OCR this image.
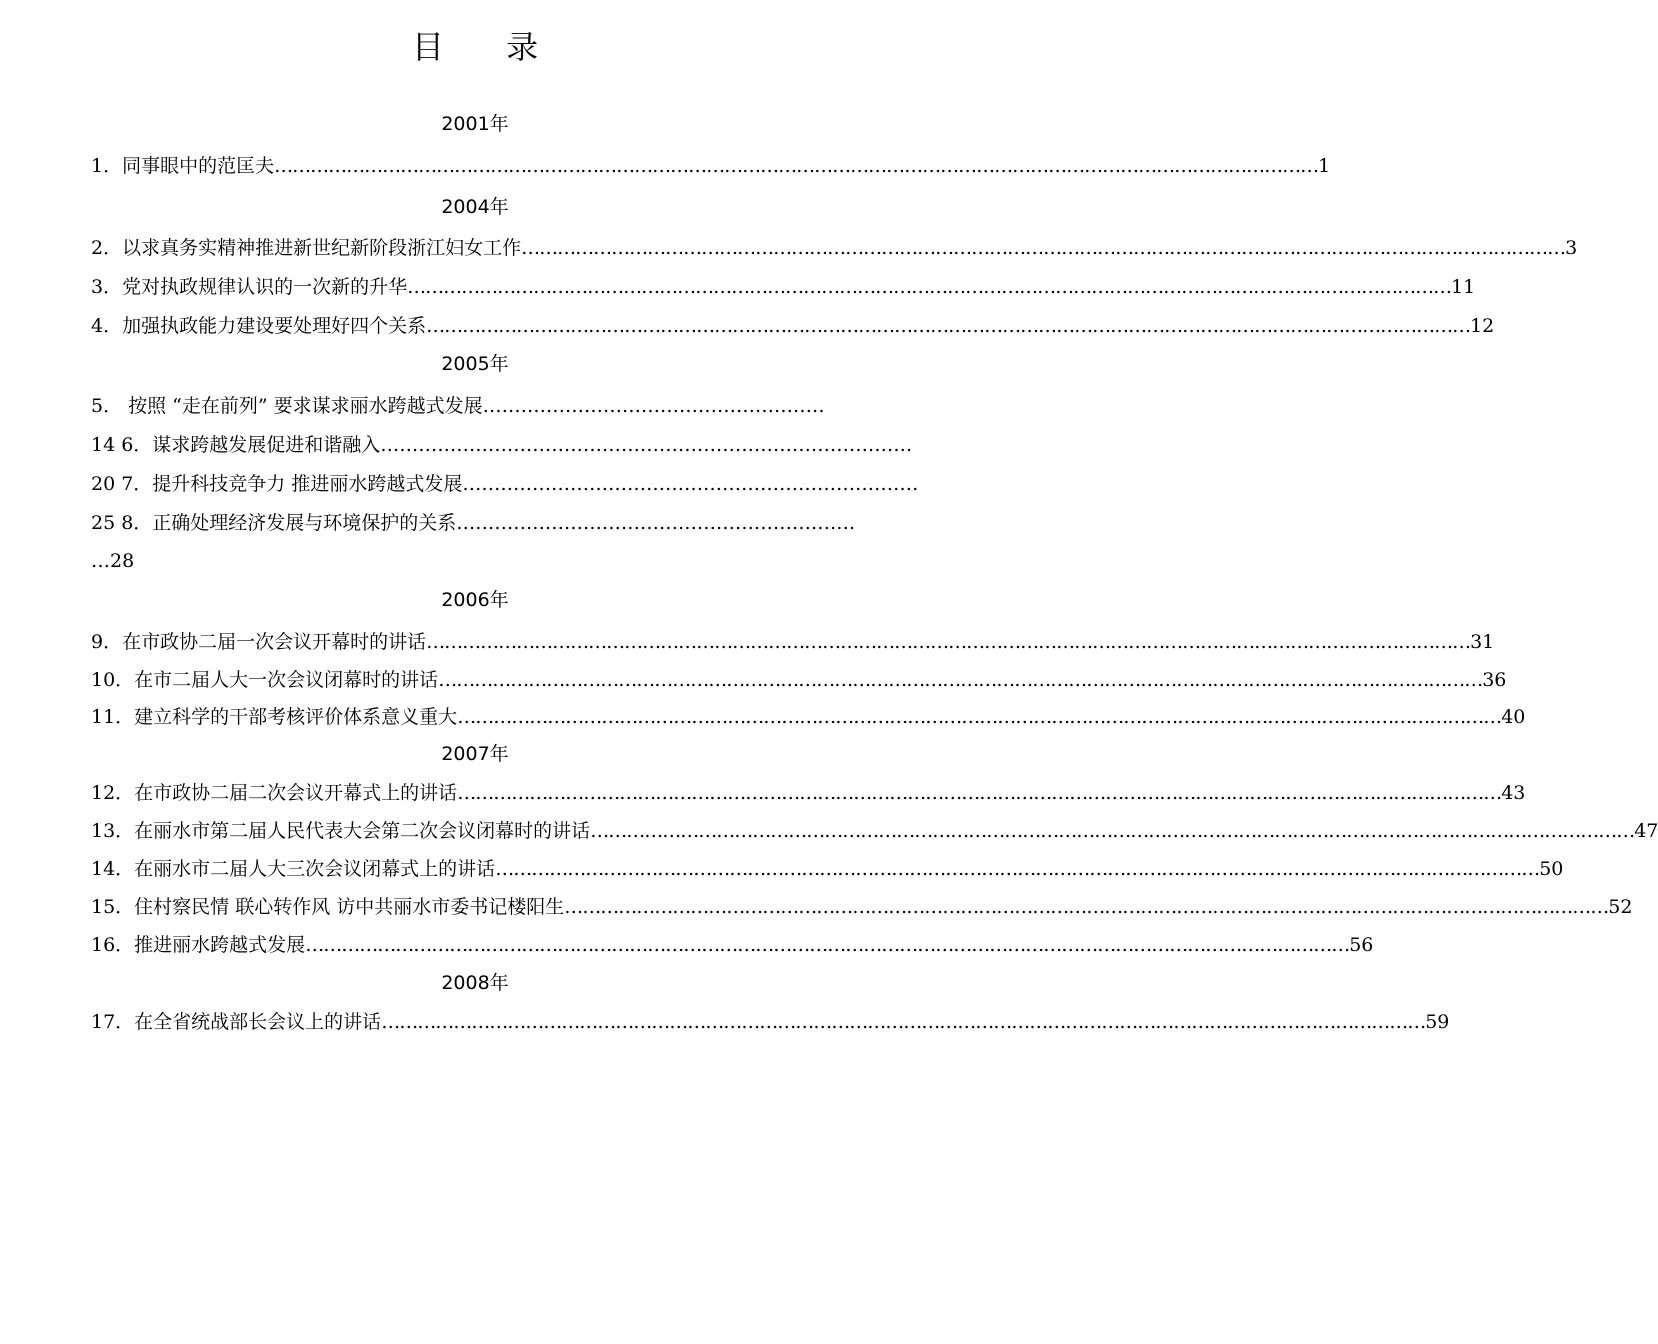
目 录
2001年
1．同事眼中的范匡夫 ………………………………………………………………………………………………………………………………………………………… 1
2004年
2．以求真务实精神推进新世纪新阶段浙江妇女工作 ………………………………………………………………………………………………………………………………………………………… 3
3．党对执政规律认识的一次新的升华 ………………………………………………………………………………………………………………………………………………………… 11
4．加强执政能力建设要处理好四个关系 ………………………………………………………………………………………………………………………………………………………… 12
2005年
5． 按照 “走在前列” 要求谋求丽水跨越式发展………………………………………………
14 6．谋求跨越发展促进和谐融入…………………………………………………………………………
20 7．提升科技竞争力 推进丽水跨越式发展………………………………………………………………
25 8．正确处理经济发展与环境保护的关系………………………………………………………
…28
2006年
9．在市政协二届一次会议开幕时的讲话 ………………………………………………………………………………………………………………………………………………………… 31
10．在市二届人大一次会议闭幕时的讲话 ………………………………………………………………………………………………………………………………………………………… 36
11．建立科学的干部考核评价体系意义重大 ………………………………………………………………………………………………………………………………………………………… 40
2007年
12．在市政协二届二次会议开幕式上的讲话 ………………………………………………………………………………………………………………………………………………………… 43
13．在丽水市第二届人民代表大会第二次会议闭幕时的讲话 ………………………………………………………………………………………………………………………………………………………… 47
14．在丽水市二届人大三次会议闭幕式上的讲话 ………………………………………………………………………………………………………………………………………………………… 50
15．住村察民情 联心转作风 访中共丽水市委书记楼阳生 ………………………………………………………………………………………………………………………………………………………… 52
16．推进丽水跨越式发展 ………………………………………………………………………………………………………………………………………………………… 56
2008年
17．在全省统战部长会议上的讲话 ………………………………………………………………………………………………………………………………………………………… 59
